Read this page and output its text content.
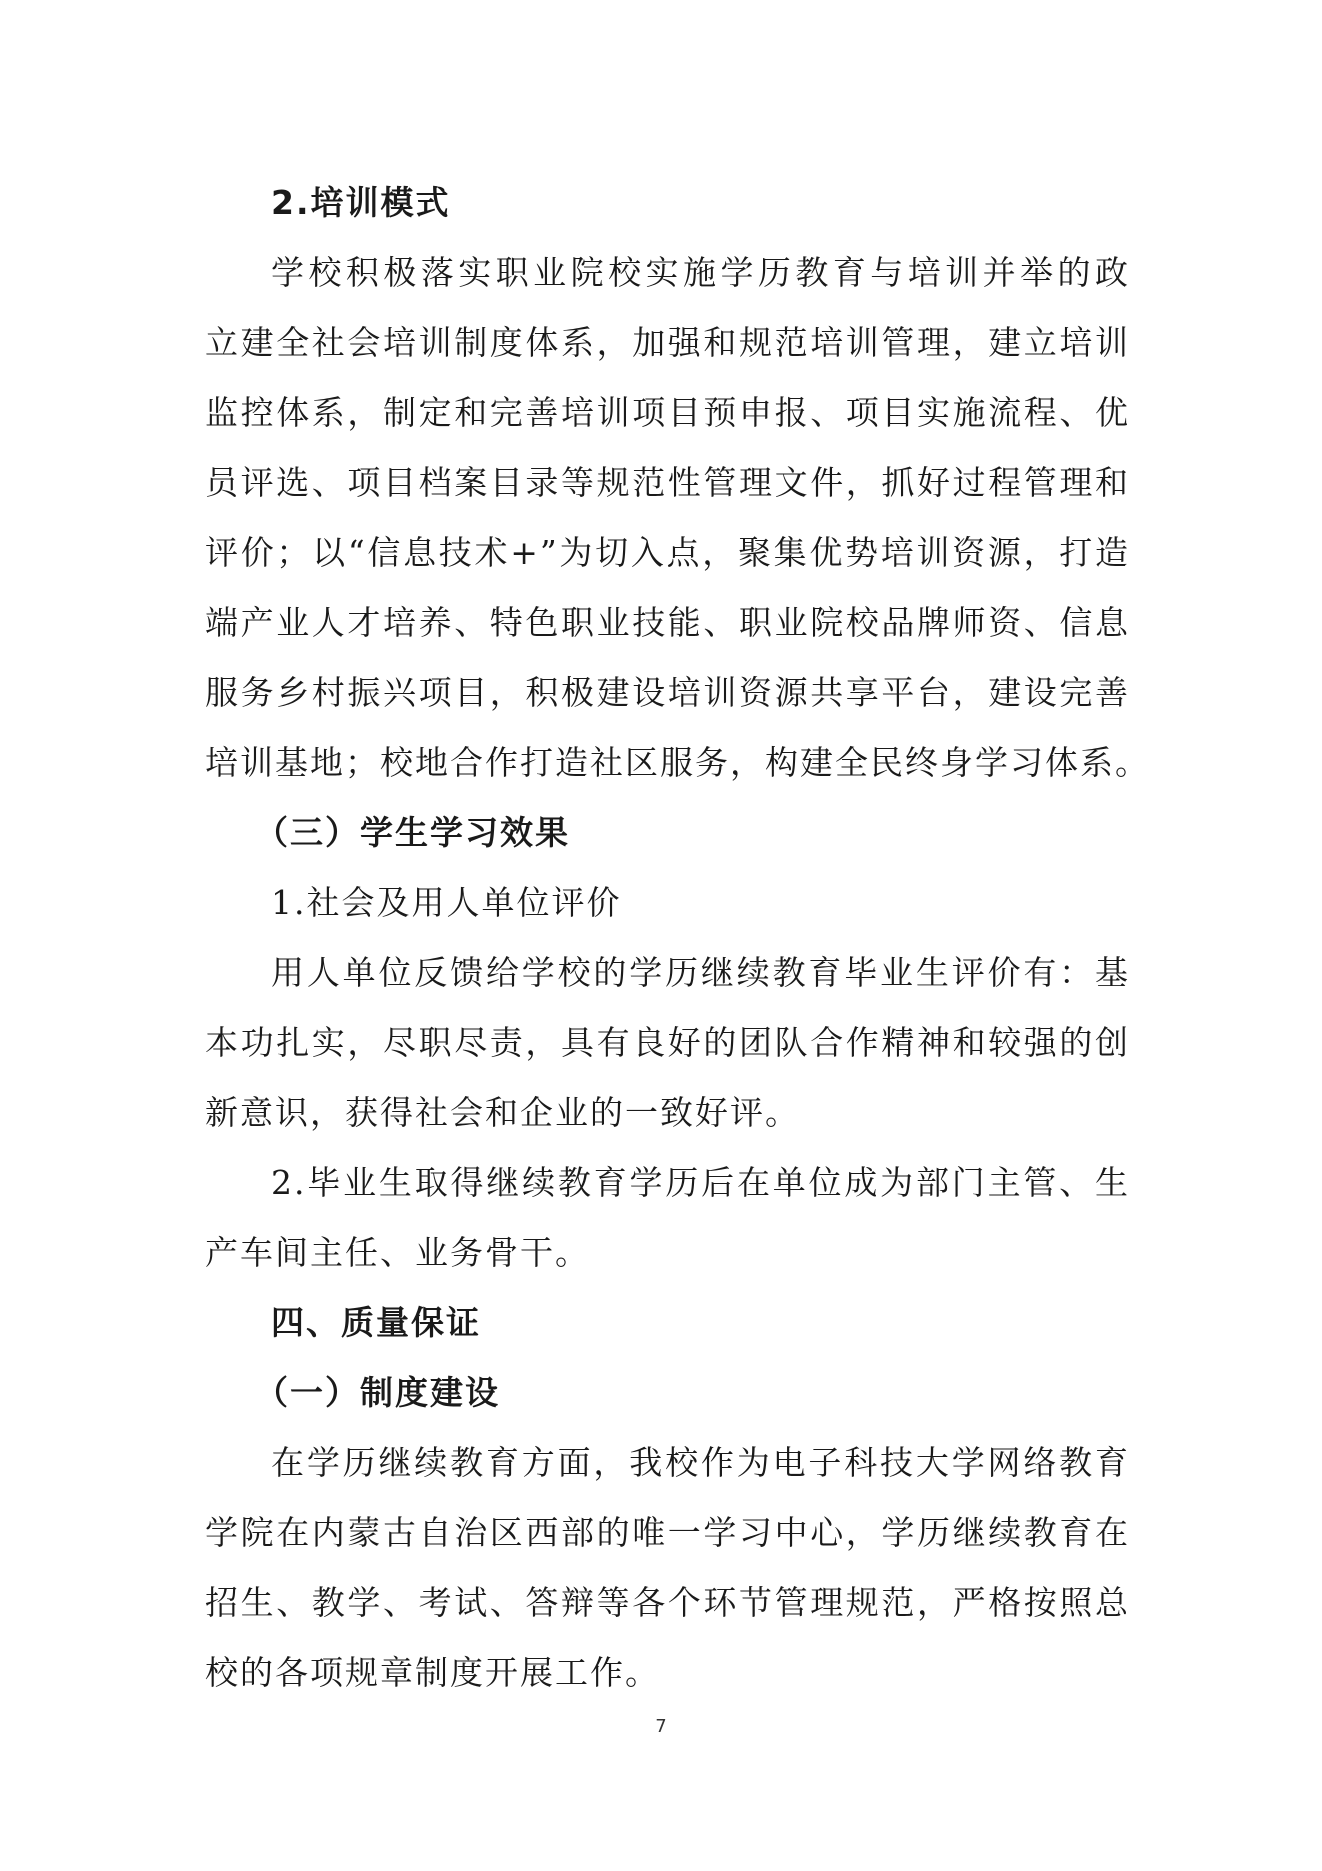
2.培训模式
学校积极落实职业院校实施学历教育与培训并举的政
立建全社会培训制度体系，加强和规范培训管理，建立培训
监控体系，制定和完善培训项目预申报、项目实施流程、优
员评选、项目档案目录等规范性管理文件，抓好过程管理和
评价；以“信息技术+”为切入点，聚集优势培训资源，打造
端产业人才培养、特色职业技能、职业院校品牌师资、信息
服务乡村振兴项目，积极建设培训资源共享平台，建设完善
培训基地；校地合作打造社区服务，构建全民终身学习体系。
（三）学生学习效果
1.社会及用人单位评价
用人单位反馈给学校的学历继续教育毕业生评价有：基
本功扎实，尽职尽责，具有良好的团队合作精神和较强的创
新意识，获得社会和企业的一致好评。
2.毕业生取得继续教育学历后在单位成为部门主管、生
产车间主任、业务骨干。
四、质量保证
（一）制度建设
在学历继续教育方面，我校作为电子科技大学网络教育
学院在内蒙古自治区西部的唯一学习中心，学历继续教育在
招生、教学、考试、答辩等各个环节管理规范，严格按照总
校的各项规章制度开展工作。
7
